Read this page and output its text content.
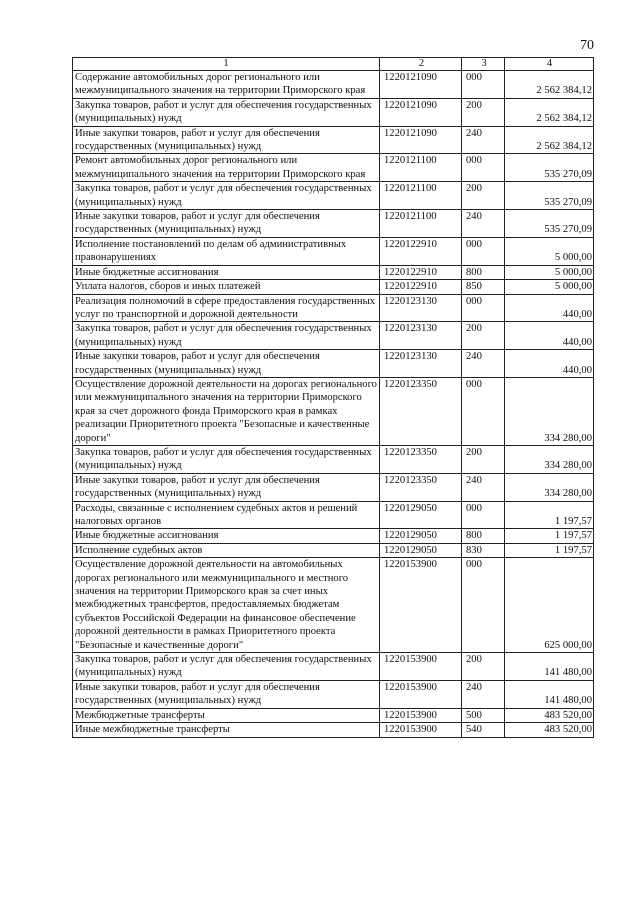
70
1	2	3	4
Содержание автомобильных дорог регионального или межмуниципального значения на территории Приморского края	1220121090	000	2 562 384,12
Закупка товаров, работ и услуг для обеспечения государственных (муниципальных) нужд	1220121090	200	2 562 384,12
Иные закупки товаров, работ и услуг для обеспечения государственных (муниципальных) нужд	1220121090	240	2 562 384,12
Ремонт автомобильных дорог регионального или межмуниципального значения на территории Приморского края	1220121100	000	535 270,09
Закупка товаров, работ и услуг для обеспечения государственных (муниципальных) нужд	1220121100	200	535 270,09
Иные закупки товаров, работ и услуг для обеспечения государственных (муниципальных) нужд	1220121100	240	535 270,09
Исполнение постановлений по делам об административных правонарушениях	1220122910	000	5 000,00
Иные бюджетные ассигнования	1220122910	800	5 000,00
Уплата налогов, сборов и иных платежей	1220122910	850	5 000,00
Реализация полномочий в сфере предоставления государственных услуг по транспортной и дорожной деятельности	1220123130	000	440,00
Закупка товаров, работ и услуг для обеспечения государственных (муниципальных) нужд	1220123130	200	440,00
Иные закупки товаров, работ и услуг для обеспечения государственных (муниципальных) нужд	1220123130	240	440,00
Осуществление дорожной деятельности на дорогах регионального или межмуниципального значения на территории Приморского края за счет дорожного фонда Приморского края в рамках реализации Приоритетного проекта "Безопасные и качественные дороги"	1220123350	000	334 280,00
Закупка товаров, работ и услуг для обеспечения государственных (муниципальных) нужд	1220123350	200	334 280,00
Иные закупки товаров, работ и услуг для обеспечения государственных (муниципальных) нужд	1220123350	240	334 280,00
Расходы, связанные с исполнением судебных актов и решений налоговых органов	1220129050	000	1 197,57
Иные бюджетные ассигнования	1220129050	800	1 197,57
Исполнение судебных актов	1220129050	830	1 197,57
Осуществление дорожной деятельности на автомобильных дорогах регионального или межмуниципального и местного значения на территории Приморского края за счет иных межбюджетных трансфертов, предоставляемых бюджетам субъектов Российской Федерации на финансовое обеспечение дорожной деятельности в рамках Приоритетного проекта "Безопасные и качественные дороги"	1220153900	000	625 000,00
Закупка товаров, работ и услуг для обеспечения государственных (муниципальных) нужд	1220153900	200	141 480,00
Иные закупки товаров, работ и услуг для обеспечения государственных (муниципальных) нужд	1220153900	240	141 480,00
Межбюджетные трансферты	1220153900	500	483 520,00
Иные межбюджетные трансферты	1220153900	540	483 520,00
